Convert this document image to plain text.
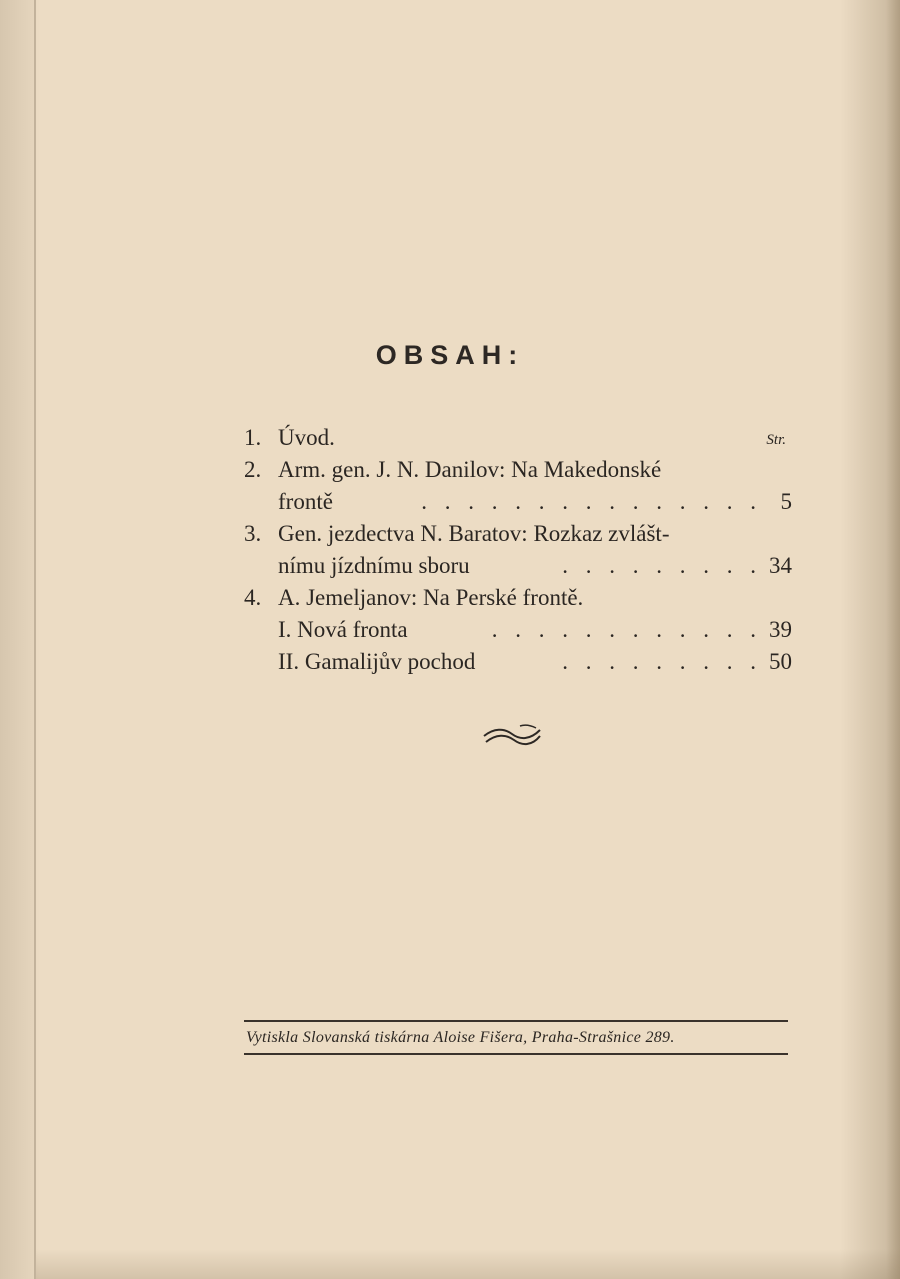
OBSAH:
Str.
1. Úvod.
2. Arm. gen. J. N. Danilov: Na Makedonské
frontě	. . . . . . . . . . . . . . . 5
3. Gen. jezdectva N. Baratov: Rozkaz zvlášt-
nímu jízdnímu sboru	. . . . . . . . . 34
4. A. Jemeljanov: Na Perské frontě.
I. Nová fronta	. . . . . . . . . . . . 39
II. Gamalijův pochod	. . . . . . . . . 50
Vytiskla Slovanská tiskárna Aloise Fišera, Praha-Strašnice 289.
